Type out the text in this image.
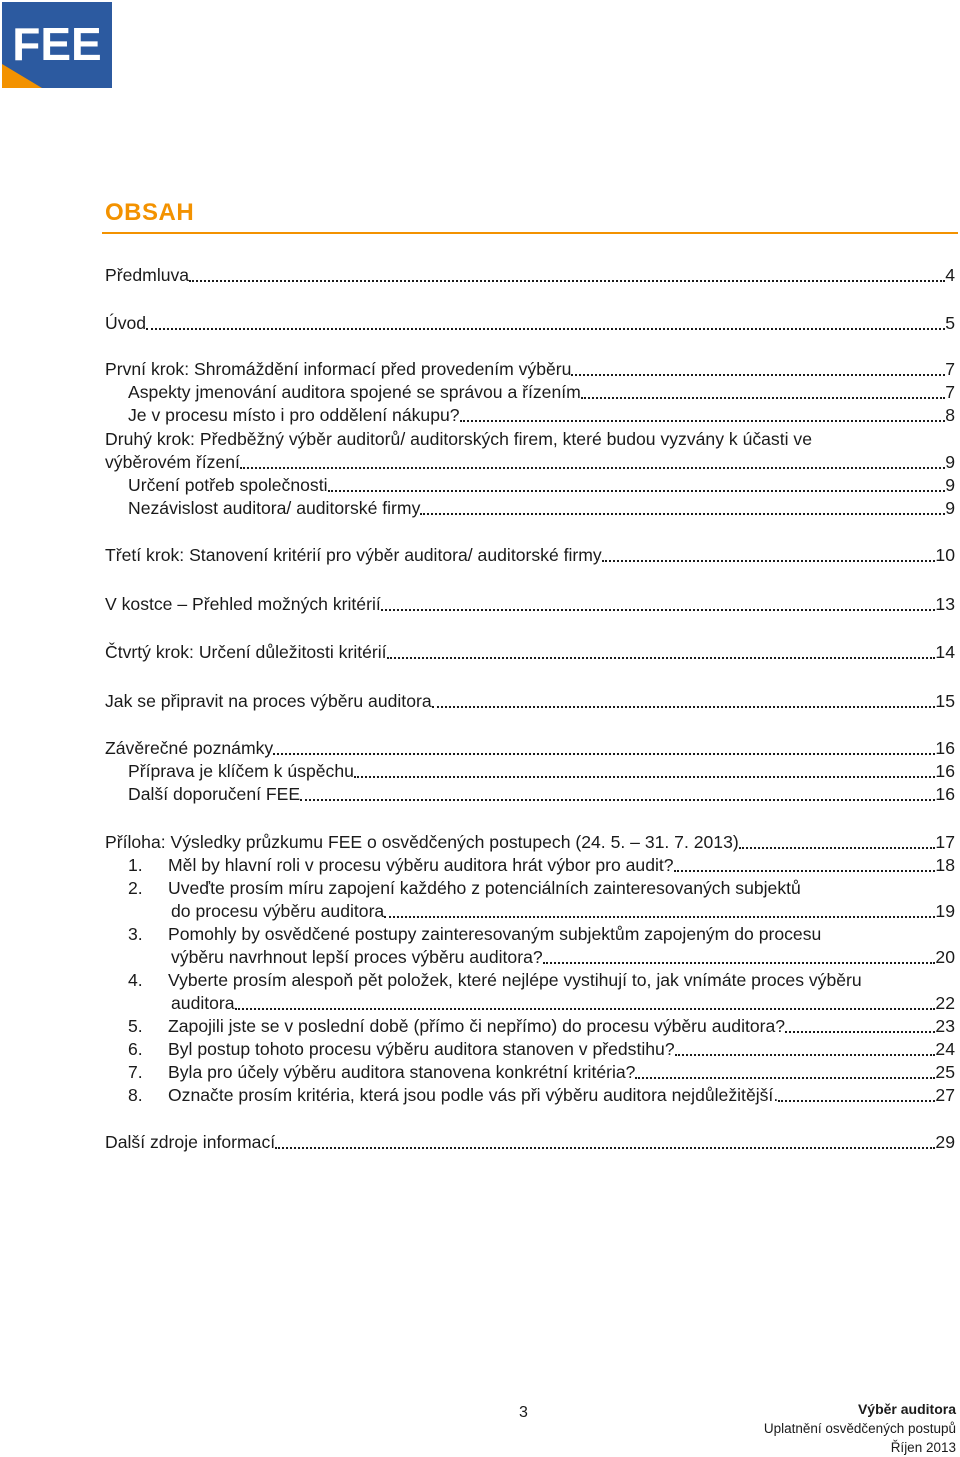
FEE
OBSAH
Předmluva	4
Úvod	5
První krok: Shromáždění informací před provedením výběru	7
Aspekty jmenování auditora spojené se správou a řízením	7
Je v procesu místo i pro oddělení nákupu?	8
Druhý krok: Předběžný výběr auditorů/ auditorských firem, které budou vyzvány k účasti ve
výběrovém řízení	9
Určení potřeb společnosti	9
Nezávislost auditora/ auditorské firmy	9
Třetí krok: Stanovení kritérií pro výběr auditora/ auditorské firmy	10
V kostce – Přehled možných kritérií	13
Čtvrtý krok: Určení důležitosti kritérií	14
Jak se připravit na proces výběru auditora	15
Závěrečné poznámky	16
Příprava je klíčem k úspěchu	16
Další doporučení FEE	16
Příloha: Výsledky průzkumu FEE o osvědčených postupech (24. 5. – 31. 7. 2013)	17
1.	Měl by hlavní roli v procesu výběru auditora hrát výbor pro audit?	18
2. Uveďte prosím míru zapojení každého z potenciálních zainteresovaných subjektů
do procesu výběru auditora	19
3. Pomohly by osvědčené postupy zainteresovaným subjektům zapojeným do procesu
výběru navrhnout lepší proces výběru auditora?	20
4. Vyberte prosím alespoň pět položek, které nejlépe vystihují to, jak vnímáte proces výběru
auditora	22
5.	Zapojili jste se v poslední době (přímo či nepřímo) do procesu výběru auditora?	23
6.	Byl postup tohoto procesu výběru auditora stanoven v předstihu?	24
7.	Byla pro účely výběru auditora stanovena konkrétní kritéria?	25
8.	Označte prosím kritéria, která jsou podle vás při výběru auditora nejdůležitější.	27
Další zdroje informací	29
3	Výběr auditora
Uplatnění osvědčených postupů
Říjen 2013
